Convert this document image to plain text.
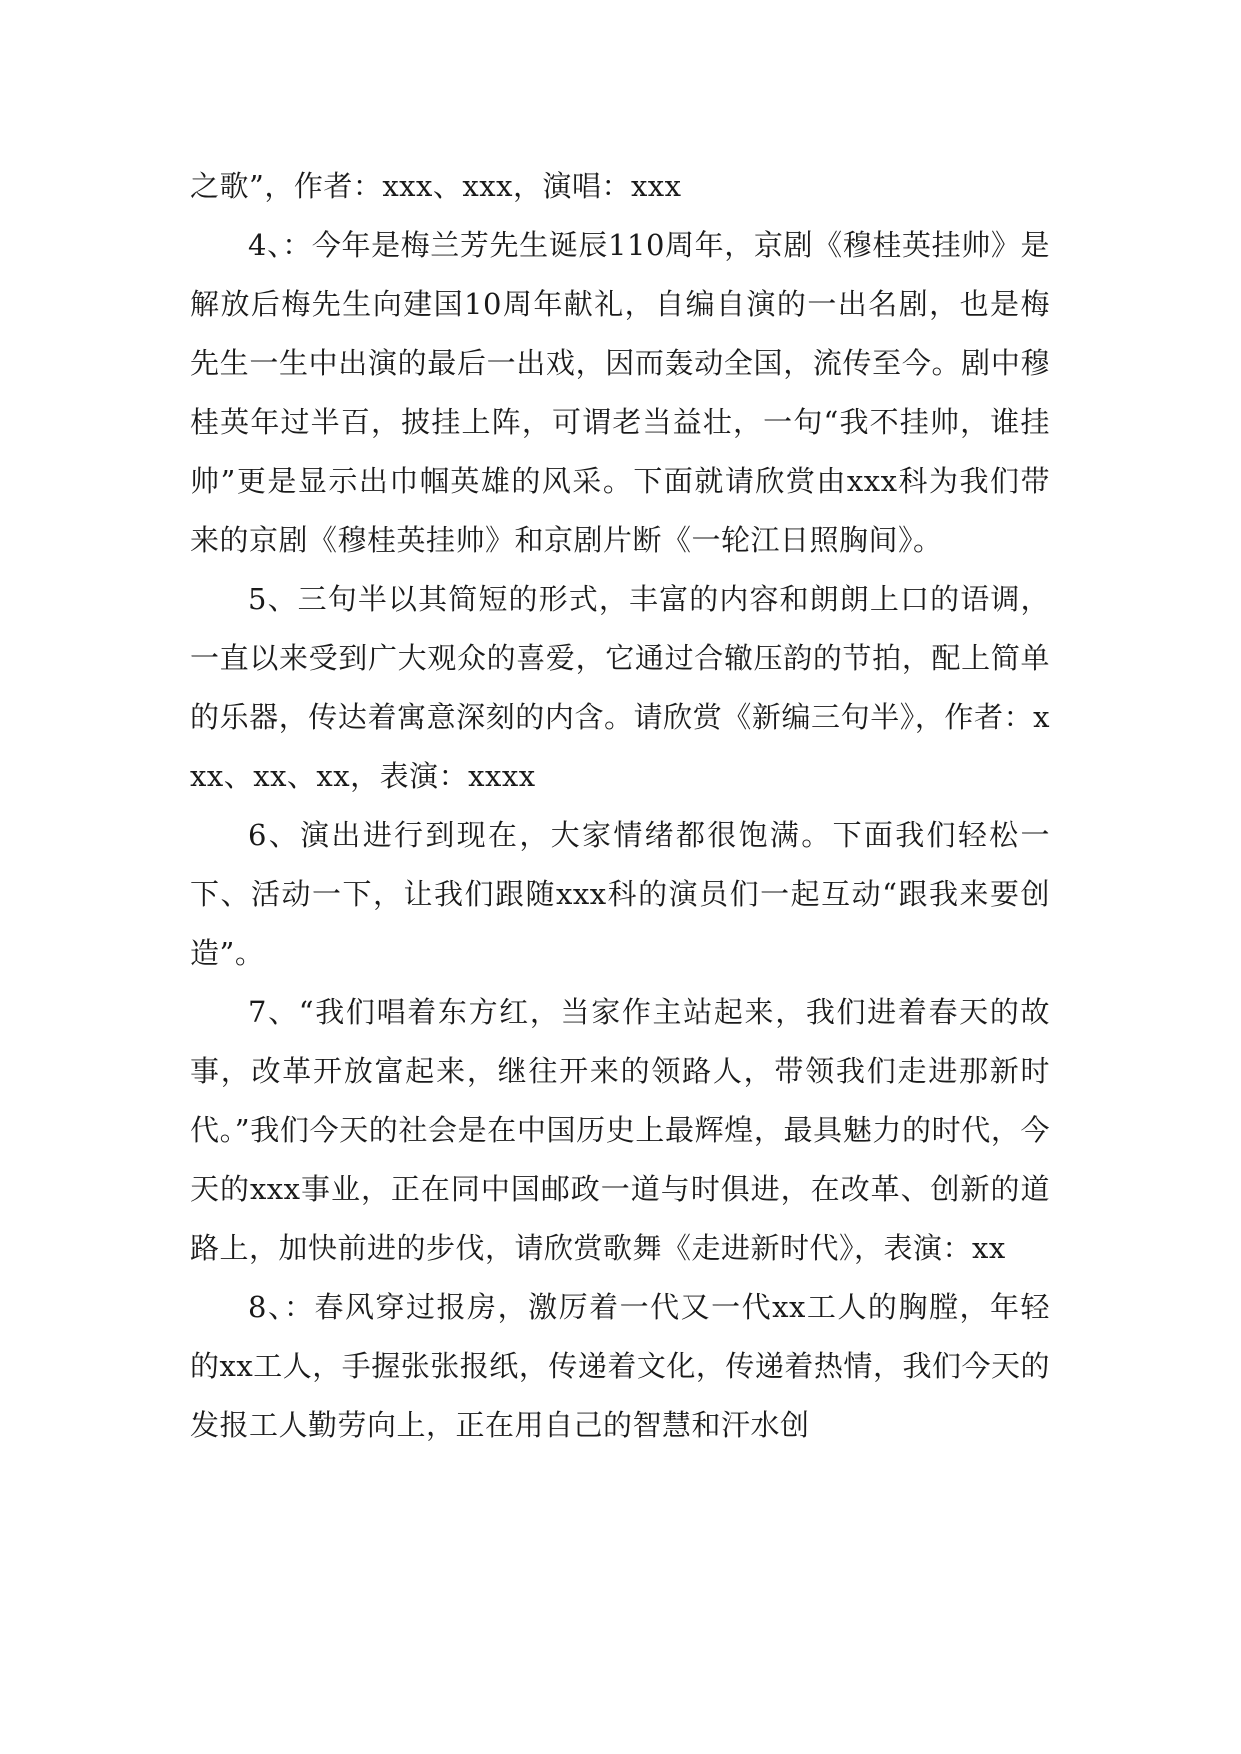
之歌”，作者：xxx、xxx，演唱：xxx

4、：今年是梅兰芳先生诞辰110周年，京剧《穆桂英挂帅》是解放后梅先生向建国10周年献礼，自编自演的一出名剧，也是梅先生一生中出演的最后一出戏，因而轰动全国，流传至今。剧中穆桂英年过半百，披挂上阵，可谓老当益壮，一句“我不挂帅，谁挂帅”更是显示出巾帼英雄的风采。下面就请欣赏由xxx科为我们带来的京剧《穆桂英挂帅》和京剧片断《一轮江日照胸间》。

5、三句半以其简短的形式，丰富的内容和朗朗上口的语调，一直以来受到广大观众的喜爱，它通过合辙压韵的节拍，配上简单的乐器，传达着寓意深刻的内含。请欣赏《新编三句半》，作者：xxx、xx、xx，表演：xxxx

6、演出进行到现在，大家情绪都很饱满。下面我们轻松一下、活动一下，让我们跟随xxx科的演员们一起互动“跟我来要创造”。

7、“我们唱着东方红，当家作主站起来，我们进着春天的故事，改革开放富起来，继往开来的领路人，带领我们走进那新时代。”我们今天的社会是在中国历史上最辉煌，最具魅力的时代，今天的xxx事业，正在同中国邮政一道与时俱进，在改革、创新的道路上，加快前进的步伐，请欣赏歌舞《走进新时代》，表演：xx

8、：春风穿过报房，激厉着一代又一代xx工人的胸膛，年轻的xx工人，手握张张报纸，传递着文化，传递着热情，我们今天的发报工人勤劳向上，正在用自己的智慧和汗水创
